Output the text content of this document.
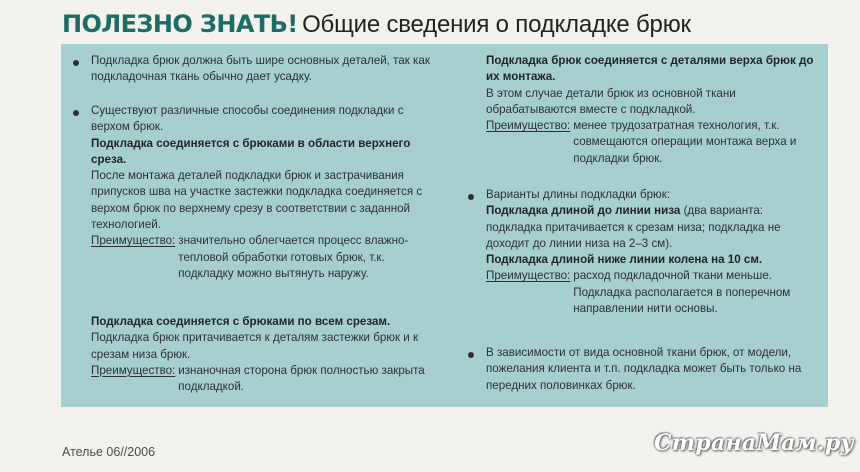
ПОЛЕЗНО ЗНАТЬ! Общие сведения о подкладке брюк

Подкладка брюк должна быть шире основных деталей, так как подкладочная ткань обычно дает усадку.

Существуют различные способы соединения подкладки с верхом брюк.

Подкладка соединяется с брюками в области верхнего среза.

После монтажа деталей подкладки брюк и застрачивания припусков шва на участке застежки подкладка соединяется с верхом брюк по верхнему срезу в соответствии с заданной технологией.

Преимущество: значительно облегчается процесс влажно-тепловой обработки готовых брюк, т.к. подкладку можно вытянуть наружу.

Подкладка соединяется с брюками по всем срезам.

Подкладка брюк притачивается к деталям застежки брюк и к срезам низа брюк.

Преимущество: изнаночная сторона брюк полностью закрыта подкладкой.

Подкладка брюк соединяется с деталями верха брюк до их монтажа.

В этом случае детали брюк из основной ткани обрабатываются вместе с подкладкой.

Преимущество: менее трудозатратная технология, т.к. совмещаются операции монтажа верха и подкладки брюк.

Варианты длины подкладки брюк:

Подкладка длиной до линии низа (два варианта: подкладка притачивается к срезам низа; подкладка не доходит до линии низа на 2–3 см).

Подкладка длиной ниже линии колена на 10 см.

Преимущество: расход подкладочной ткани меньше. Подкладка располагается в поперечном направлении нити основы.

В зависимости от вида основной ткани брюк, от модели, пожелания клиента и т.п. подкладка может быть только на передних половинках брюк.

Ателье 06//2006	СтранаМам.ру
